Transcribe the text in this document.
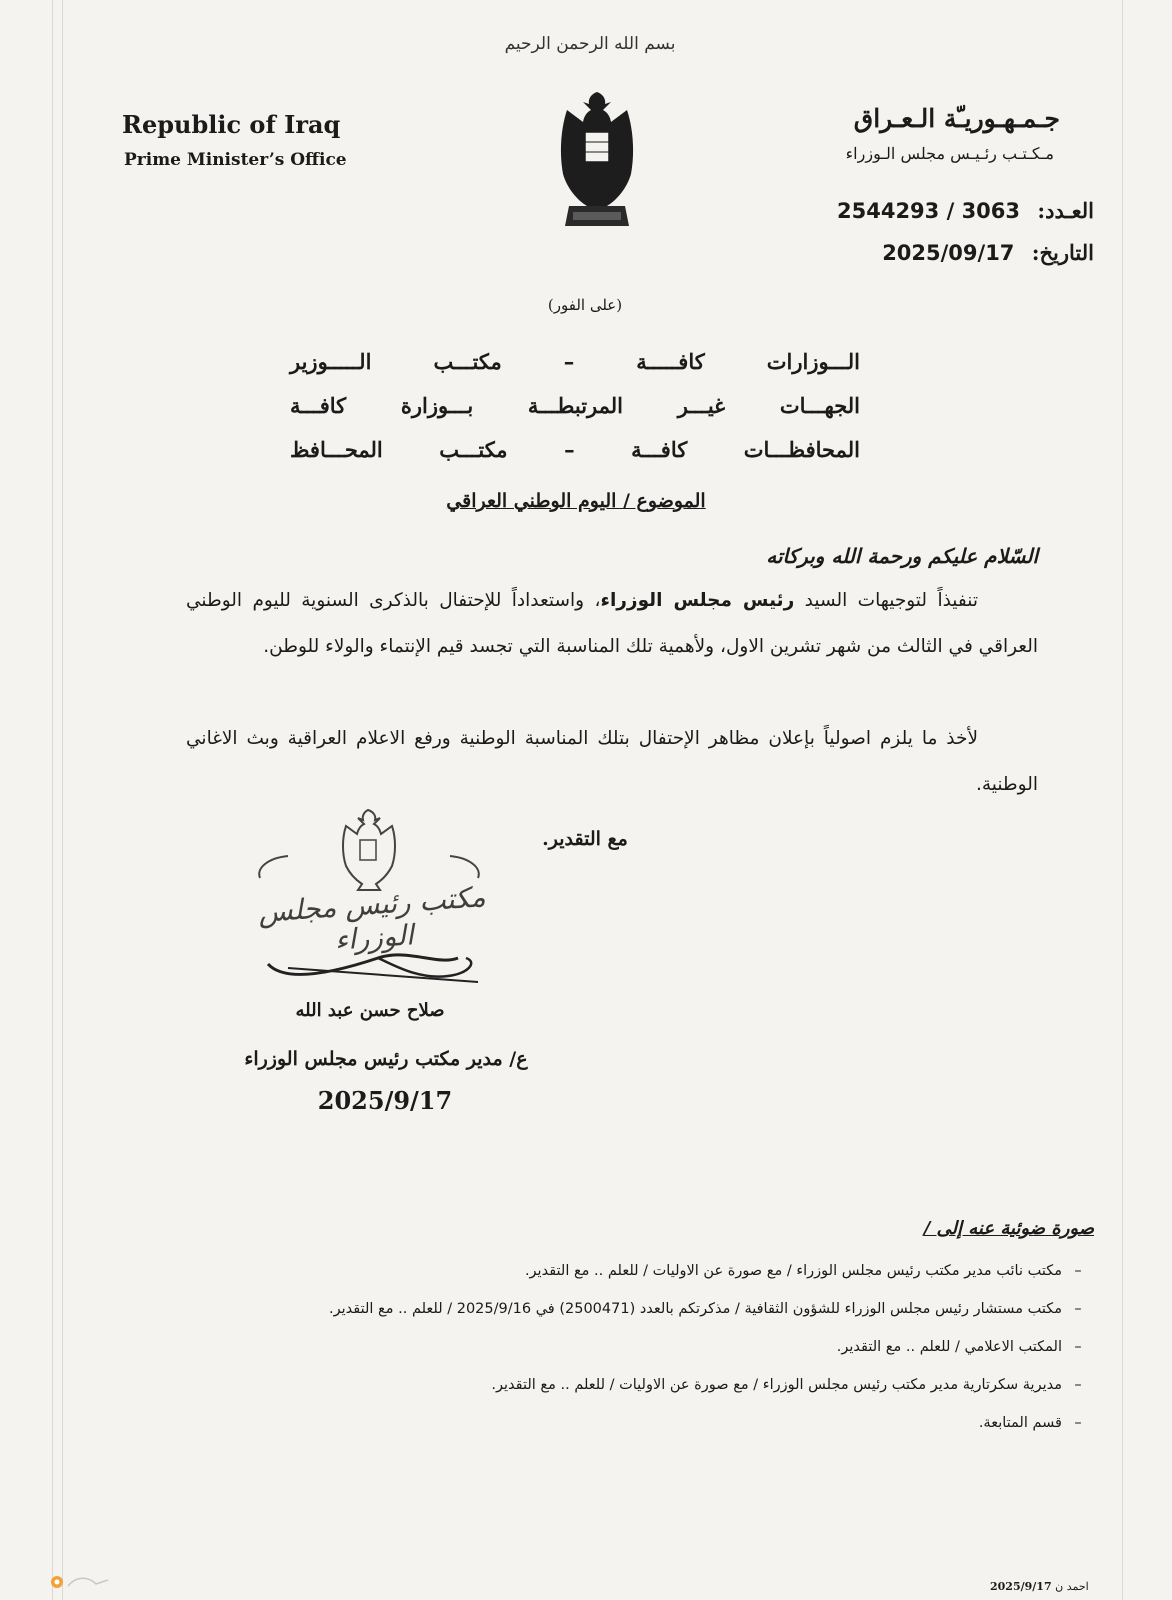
بسم الله الرحمن الرحيم
Republic of Iraq
Prime Minister’s Office
جـمـهـوريـّة الـعـراق
مـكـتـب رئـيـس مجلس الـوزراء
العـدد: 2544293 / 3063
التاريخ: 2025/09/17
(على الفور)
الـــوزارات كافـــــة – مكتـــب الـــــوزير
الجهـــات غيـــر المرتبطـــة بـــوزارة كافـــة
المحافظـــات كافـــة – مكتـــب المحـــافظ
الموضوع / اليوم الوطني العراقي
السّلام عليكم ورحمة الله وبركاته
تنفيذاً لتوجيهات السيد رئيس مجلس الوزراء، واستعداداً للإحتفال بالذكرى السنوية لليوم الوطني العراقي في الثالث من شهر تشرين الاول، ولأهمية تلك المناسبة التي تجسد قيم الإنتماء والولاء للوطن.
لأخذ ما يلزم اصولياً بإعلان مظاهر الإحتفال بتلك المناسبة الوطنية ورفع الاعلام العراقية وبث الاغاني الوطنية.
مع التقدير.
مكتب رئيس مجلس الوزراء
صلاح حسن عبد الله
ع/ مدير مكتب رئيس مجلس الوزراء
2025/9/17
صورة ضوئية عنه إلى /
–مكتب نائب مدير مكتب رئيس مجلس الوزراء / مع صورة عن الاوليات / للعلم .. مع التقدير.
–مكتب مستشار رئيس مجلس الوزراء للشؤون الثقافية / مذكرتكم بالعدد (2500471) في 2025/9/16 / للعلم .. مع التقدير.
–المكتب الاعلامي / للعلم .. مع التقدير.
–مديرية سكرتارية مدير مكتب رئيس مجلس الوزراء / مع صورة عن الاوليات / للعلم .. مع التقدير.
–قسم المتابعة.
احمد ن 2025/9/17
